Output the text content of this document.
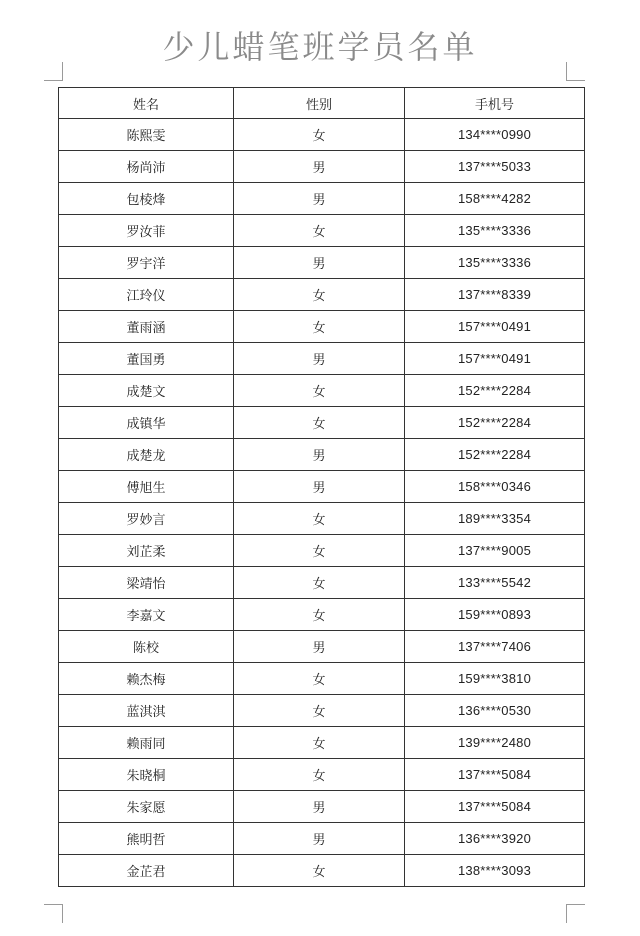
少儿蜡笔班学员名单
姓名	性别	手机号
陈熙雯	女	134****0990
杨尚沛	男	137****5033
包棱烽	男	158****4282
罗汝菲	女	135****3336
罗宇洋	男	135****3336
江玲仪	女	137****8339
董雨涵	女	157****0491
董国勇	男	157****0491
成楚文	女	152****2284
成镇华	女	152****2284
成楚龙	男	152****2284
傅旭生	男	158****0346
罗妙言	女	189****3354
刘芷柔	女	137****9005
梁靖怡	女	133****5542
李嘉文	女	159****0893
陈校	男	137****7406
赖杰梅	女	159****3810
蓝淇淇	女	136****0530
赖雨同	女	139****2480
朱晓桐	女	137****5084
朱家愿	男	137****5084
熊明哲	男	136****3920
金芷君	女	138****3093
